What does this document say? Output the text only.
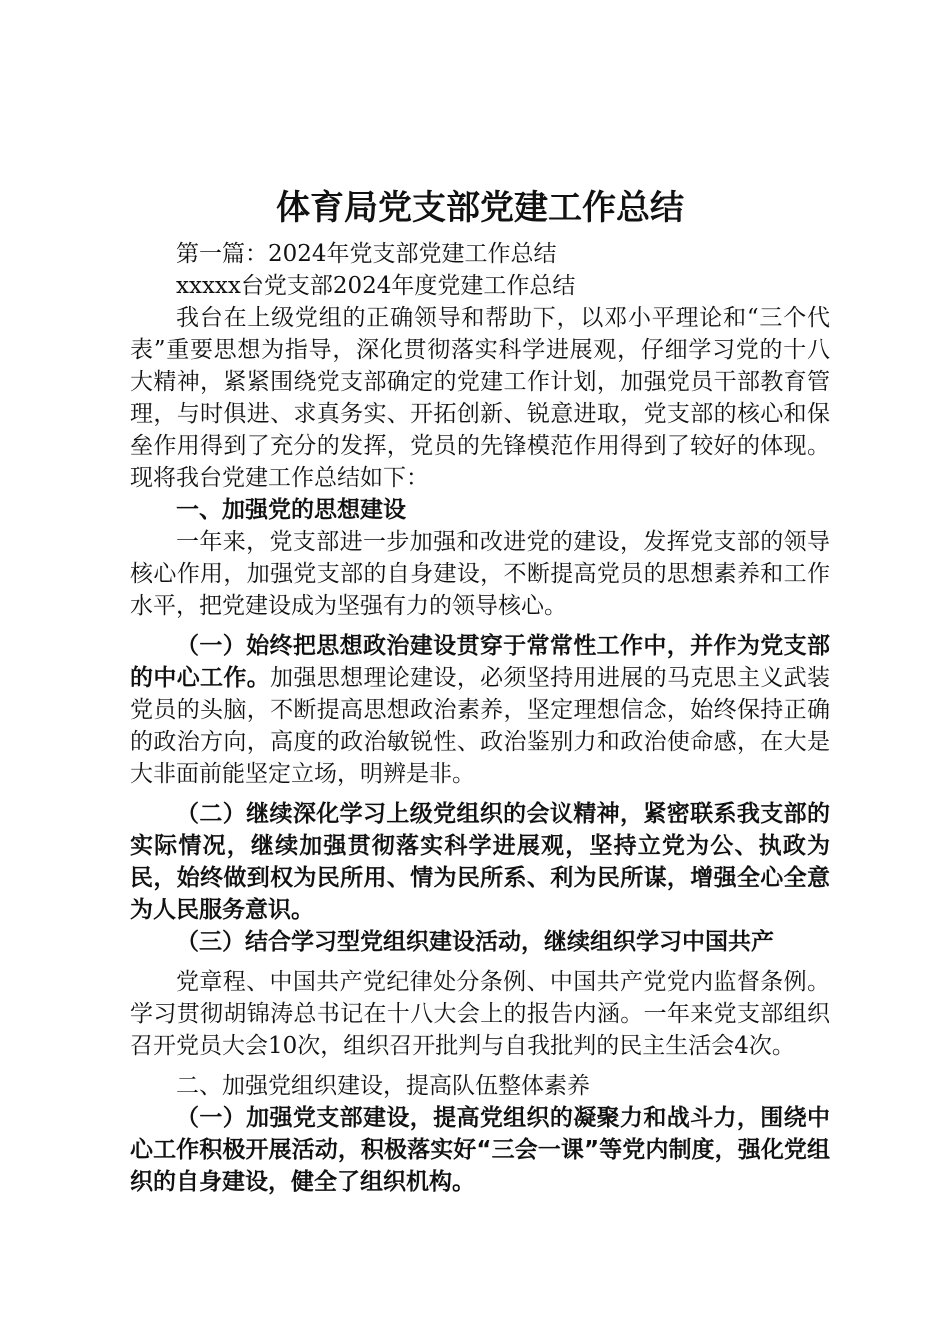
体育局党支部党建工作总结

第一篇：2024年党支部党建工作总结

xxxxx台党支部2024年度党建工作总结

我台在上级党组的正确领导和帮助下，以邓小平理论和“三个代表”重要思想为指导，深化贯彻落实科学进展观，仔细学习党的十八大精神，紧紧围绕党支部确定的党建工作计划，加强党员干部教育管理，与时俱进、求真务实、开拓创新、锐意进取，党支部的核心和保垒作用得到了充分的发挥，党员的先锋模范作用得到了较好的体现。现将我台党建工作总结如下：

一、加强党的思想建设

一年来，党支部进一步加强和改进党的建设，发挥党支部的领导核心作用，加强党支部的自身建设，不断提高党员的思想素养和工作水平，把党建设成为坚强有力的领导核心。

（一）始终把思想政治建设贯穿于常常性工作中，并作为党支部的中心工作。加强思想理论建设，必须坚持用进展的马克思主义武装党员的头脑，不断提高思想政治素养，坚定理想信念，始终保持正确的政治方向，高度的政治敏锐性、政治鉴别力和政治使命感，在大是大非面前能坚定立场，明辨是非。

（二）继续深化学习上级党组织的会议精神，紧密联系我支部的实际情况，继续加强贯彻落实科学进展观，坚持立党为公、执政为民，始终做到权为民所用、情为民所系、利为民所谋，增强全心全意为人民服务意识。

（三）结合学习型党组织建设活动，继续组织学习中国共产

党章程、中国共产党纪律处分条例、中国共产党党内监督条例。学习贯彻胡锦涛总书记在十八大会上的报告内涵。一年来党支部组织召开党员大会10次，组织召开批判与自我批判的民主生活会4次。

二、加强党组织建设，提高队伍整体素养

（一）加强党支部建设，提高党组织的凝聚力和战斗力，围绕中心工作积极开展活动，积极落实好“三会一课”等党内制度，强化党组织的自身建设，健全了组织机构。
